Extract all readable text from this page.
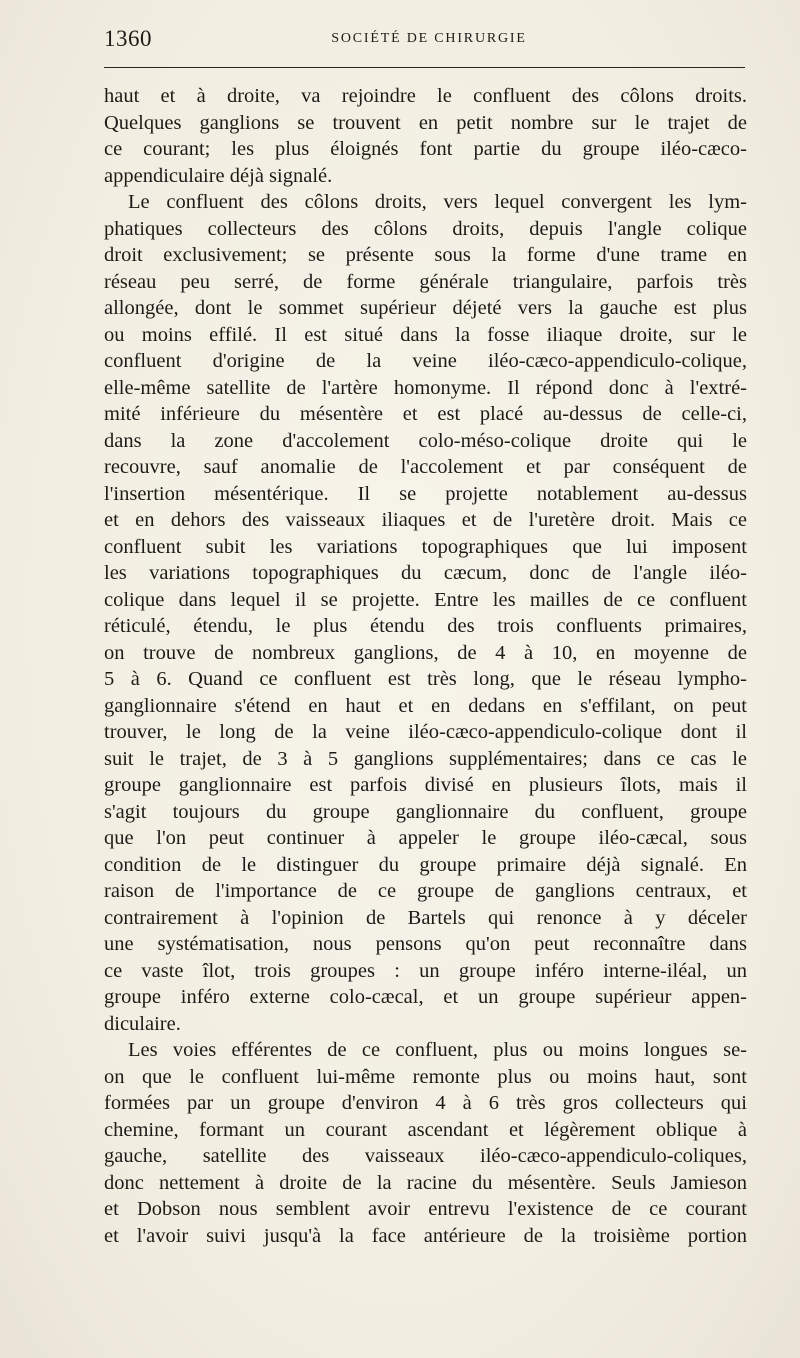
1360	SOCIÉTÉ DE CHIRURGIE
haut et à droite, va rejoindre le confluent des côlons droits.
Quelques ganglions se trouvent en petit nombre sur le trajet de
ce courant; les plus éloignés font partie du groupe iléo-cæco-
appendiculaire déjà signalé.
Le confluent des côlons droits, vers lequel convergent les lym-
phatiques collecteurs des côlons droits, depuis l'angle colique
droit exclusivement; se présente sous la forme d'une trame en
réseau peu serré, de forme générale triangulaire, parfois très
allongée, dont le sommet supérieur déjeté vers la gauche est plus
ou moins effilé. Il est situé dans la fosse iliaque droite, sur le
confluent d'origine de la veine iléo-cæco-appendiculo-colique,
elle-même satellite de l'artère homonyme. Il répond donc à l'extré-
mité inférieure du mésentère et est placé au-dessus de celle-ci,
dans la zone d'accolement colo-méso-colique droite qui le
recouvre, sauf anomalie de l'accolement et par conséquent de
l'insertion mésentérique. Il se projette notablement au-dessus
et en dehors des vaisseaux iliaques et de l'uretère droit. Mais ce
confluent subit les variations topographiques que lui imposent
les variations topographiques du cæcum, donc de l'angle iléo-
colique dans lequel il se projette. Entre les mailles de ce confluent
réticulé, étendu, le plus étendu des trois confluents primaires,
on trouve de nombreux ganglions, de 4 à 10, en moyenne de
5 à 6. Quand ce confluent est très long, que le réseau lympho-
ganglionnaire s'étend en haut et en dedans en s'effilant, on peut
trouver, le long de la veine iléo-cæco-appendiculo-colique dont il
suit le trajet, de 3 à 5 ganglions supplémentaires; dans ce cas le
groupe ganglionnaire est parfois divisé en plusieurs îlots, mais il
s'agit toujours du groupe ganglionnaire du confluent, groupe
que l'on peut continuer à appeler le groupe iléo-cæcal, sous
condition de le distinguer du groupe primaire déjà signalé. En
raison de l'importance de ce groupe de ganglions centraux, et
contrairement à l'opinion de Bartels qui renonce à y déceler
une systématisation, nous pensons qu'on peut reconnaître dans
ce vaste îlot, trois groupes : un groupe inféro interne-iléal, un
groupe inféro externe colo-cæcal, et un groupe supérieur appen-
diculaire.
Les voies efférentes de ce confluent, plus ou moins longues se-
on que le confluent lui-même remonte plus ou moins haut, sont
formées par un groupe d'environ 4 à 6 très gros collecteurs qui
chemine, formant un courant ascendant et légèrement oblique à
gauche, satellite des vaisseaux iléo-cæco-appendiculo-coliques,
donc nettement à droite de la racine du mésentère. Seuls Jamieson
et Dobson nous semblent avoir entrevu l'existence de ce courant
et l'avoir suivi jusqu'à la face antérieure de la troisième portion
